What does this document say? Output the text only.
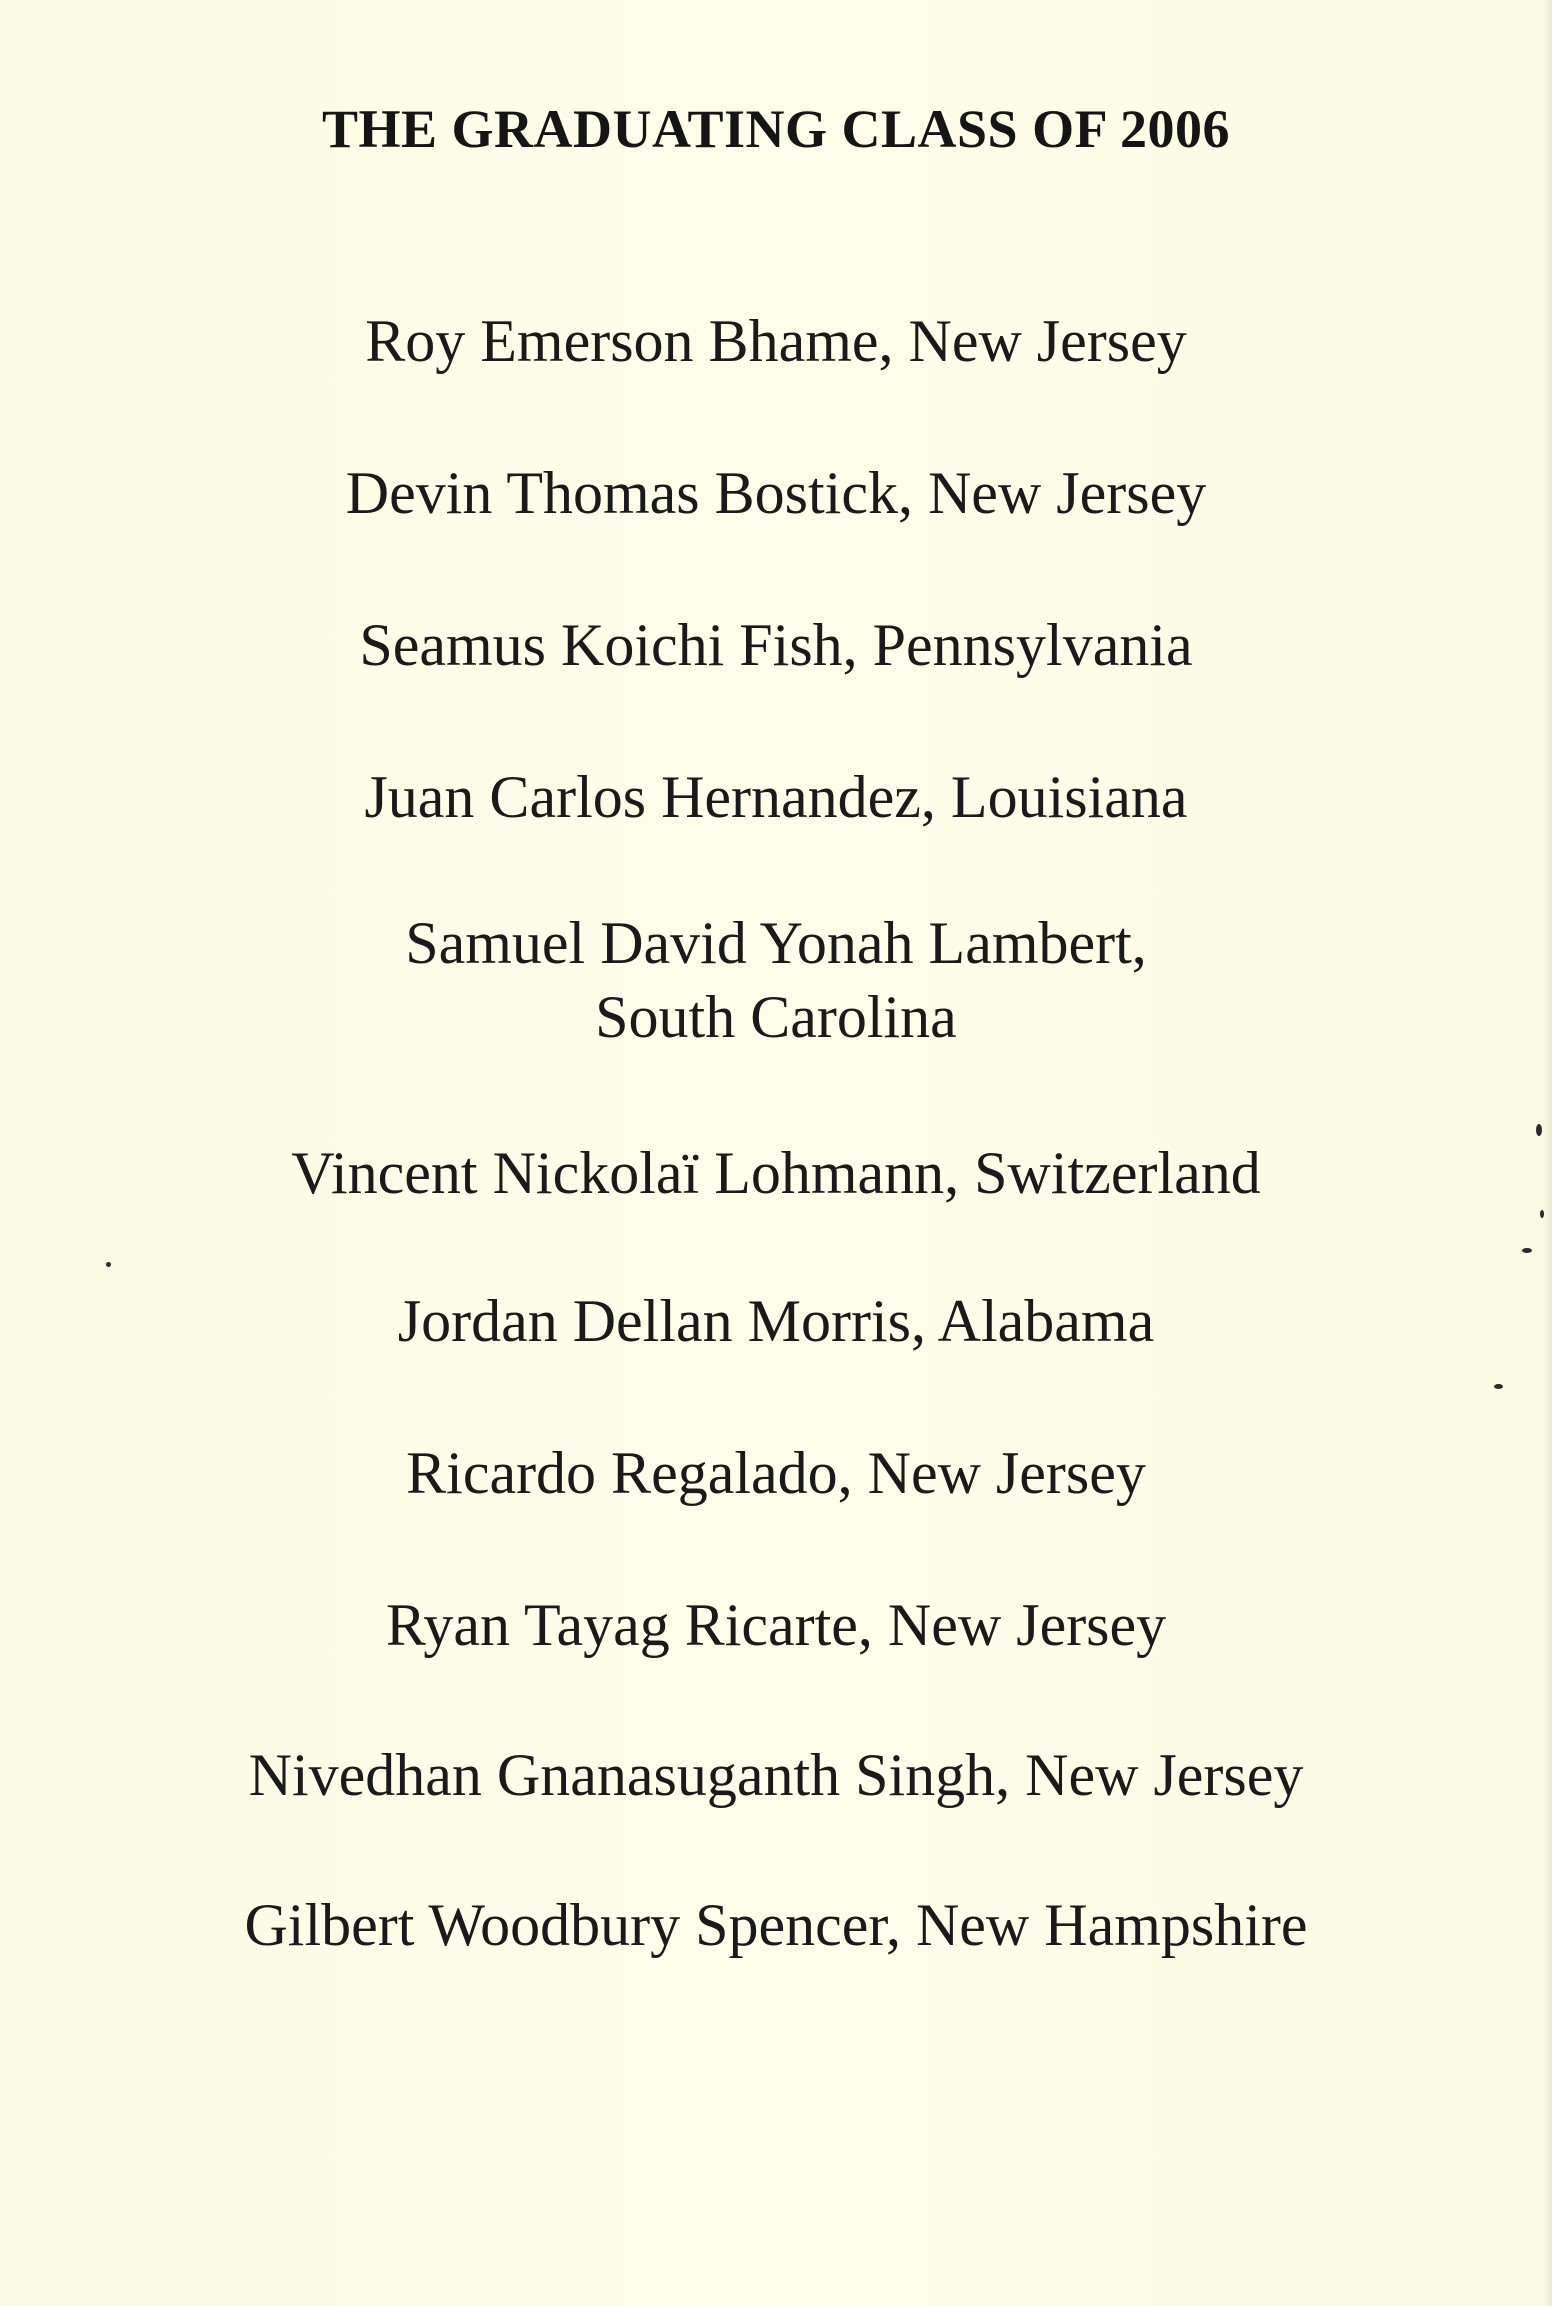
THE GRADUATING CLASS OF 2006
Roy Emerson Bhame, New Jersey
Devin Thomas Bostick, New Jersey
Seamus Koichi Fish, Pennsylvania
Juan Carlos Hernandez, Louisiana
Samuel David Yonah Lambert,
South Carolina
Vincent Nickolaï Lohmann, Switzerland
Jordan Dellan Morris, Alabama
Ricardo Regalado, New Jersey
Ryan Tayag Ricarte, New Jersey
Nivedhan Gnanasuganth Singh, New Jersey
Gilbert Woodbury Spencer, New Hampshire
